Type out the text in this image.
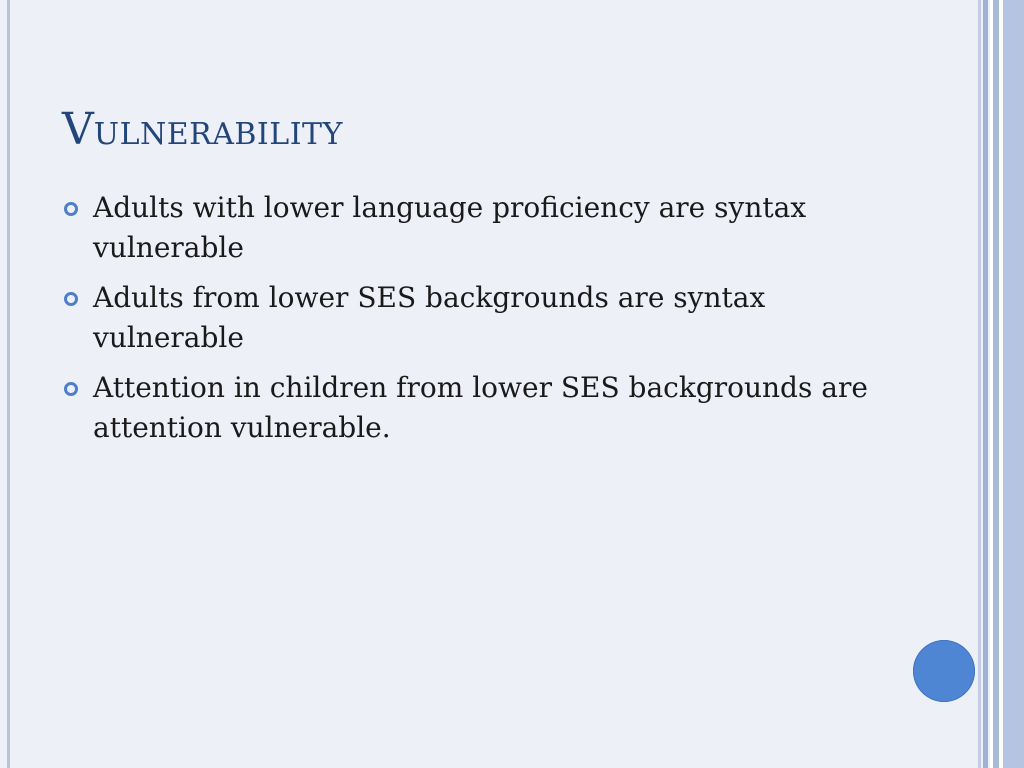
VULNERABILITY
Adults with lower language proficiency are syntax vulnerable
Adults from lower SES backgrounds are syntax vulnerable
Attention in children from lower SES backgrounds are attention vulnerable.
